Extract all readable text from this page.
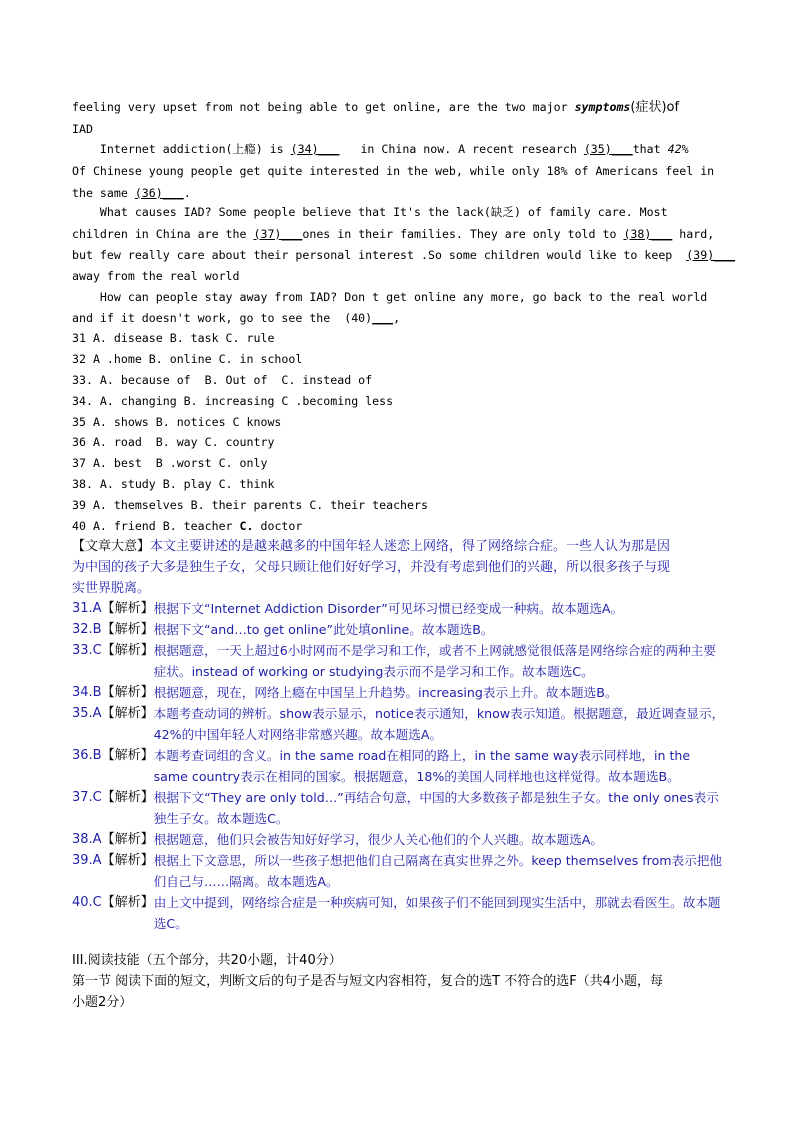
feeling very upset from not being able to get online, are the two major symptoms(症状)of
IAD
Internet addiction(上瘾) is (34)___   in China now. A recent research (35)___that 42%
Of Chinese young people get quite interested in the web, while only 18% of Americans feel in
the same (36)___.
What causes IAD? Some people believe that It's the lack(缺乏) of family care. Most
children in China are the (37)___ones in their families. They are only told to (38)___ hard,
but few really care about their personal interest .So some children would like to keep  (39)___
away from the real world
How can people stay away from IAD? Don t get online any more, go back to the real world
and if it doesn't work, go to see the  (40)___,
31 A. disease B. task C. rule
32 A .home B. online C. in school
33. A. because of  B. Out of  C. instead of
34. A. changing B. increasing C .becoming less
35 A. shows B. notices C knows
36 A. road  B. way C. country
37 A. best  B .worst C. only
38. A. study B. play C. think
39 A. themselves B. their parents C. their teachers
40 A. friend B. teacher C. doctor
【文章大意】本文主要讲述的是越来越多的中国年轻人迷恋上网络，得了网络综合症。一些人认为那是因
为中国的孩子大多是独生子女，父母只顾让他们好好学习，并没有考虑到他们的兴趣，所以很多孩子与现
实世界脱离。
31.A【解析】 根据下文“Internet Addiction Disorder”可见坏习惯已经变成一种病。故本题选A。
32.B【解析】 根据下文“and…to get online”此处填online。故本题选B。
33.C【解析】 根据题意，一天上超过6小时网而不是学习和工作，或者不上网就感觉很低落是网络综合症的两种主要症状。instead of working or studying表示而不是学习和工作。故本题选C。
34.B【解析】 根据题意，现在，网络上瘾在中国呈上升趋势。increasing表示上升。故本题选B。
35.A【解析】 本题考查动词的辨析。show表示显示，notice表示通知，know表示知道。根据题意，最近调查显示，42%的中国年轻人对网络非常感兴趣。故本题选A。
36.B【解析】 本题考查词组的含义。in the same road在相同的路上，in the same way表示同样地，in the same country表示在相同的国家。根据题意，18%的美国人同样地也这样觉得。故本题选B。
37.C【解析】 根据下文“They are only told…”再结合句意，中国的大多数孩子都是独生子女。the only ones表示独生子女。故本题选C。
38.A【解析】 根据题意，他们只会被告知好好学习，很少人关心他们的个人兴趣。故本题选A。
39.A【解析】 根据上下文意思，所以一些孩子想把他们自己隔离在真实世界之外。keep themselves from表示把他们自己与……隔离。故本题选A。
40.C【解析】 由上文中提到，网络综合症是一种疾病可知，如果孩子们不能回到现实生活中，那就去看医生。故本题选C。
III.阅读技能（五个部分，共20小题，计40分）
第一节 阅读下面的短文，判断文后的句子是否与短文内容相符，复合的选T 不符合的选F（共4小题，每
小题2分）
